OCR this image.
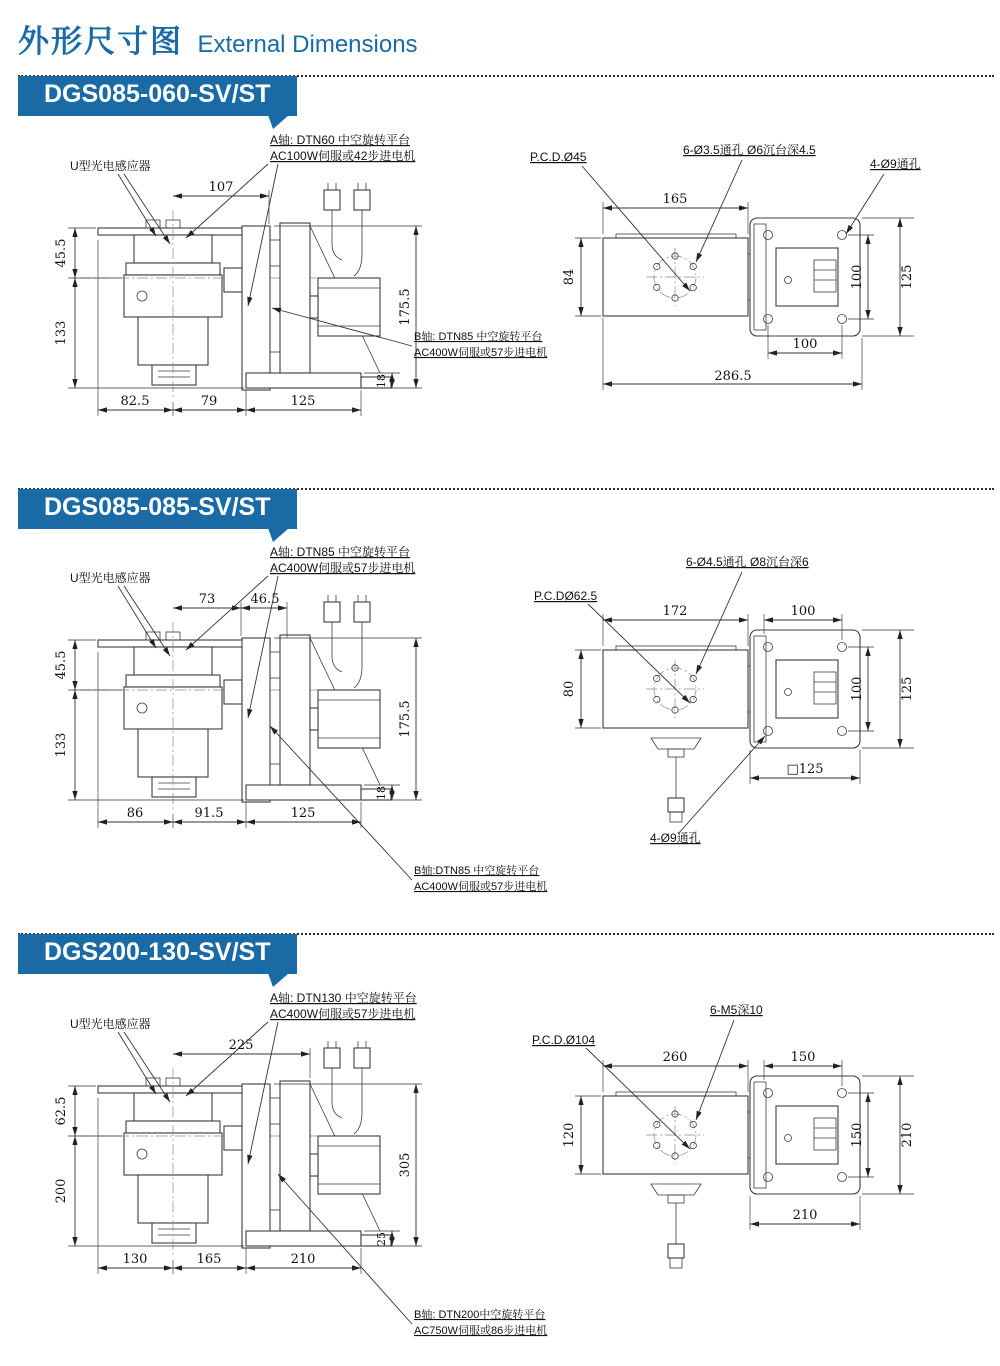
外形尺寸图 External Dimensions
DGS085-060-SV/ST
107
45.5
133
175.5
18
82.5	79	125
U型光电感应器
A轴: DTN60 中空旋转平台
AC100W伺服或42步进电机
B轴: DTN85 中空旋转平台
AC400W伺服或57步进电机
165
84	100	125
100
286.5
P.C.D.Ø45	6-Ø3.5通孔 Ø6沉台深4.5
4-Ø9通孔
DGS085-085-SV/ST
73	46.5
45.5
133
175.5
18
86	91.5	125
U型光电感应器
A轴: DTN85 中空旋转平台
AC400W伺服或57步进电机
B轴:DTN85 中空旋转平台
AC400W伺服或57步进电机
172	100
80	100	125
□125
P.C.DØ62.5
6-Ø4.5通孔 Ø8沉台深6
4-Ø9通孔
DGS200-130-SV/ST
225
62.5
200
305
25
130	165	210
U型光电感应器
A轴: DTN130 中空旋转平台
AC400W伺服或57步进电机
B轴: DTN200中空旋转平台
AC750W伺服或86步进电机
260	150
120	150	210
210
P.C.D.Ø104
6-M5深10
